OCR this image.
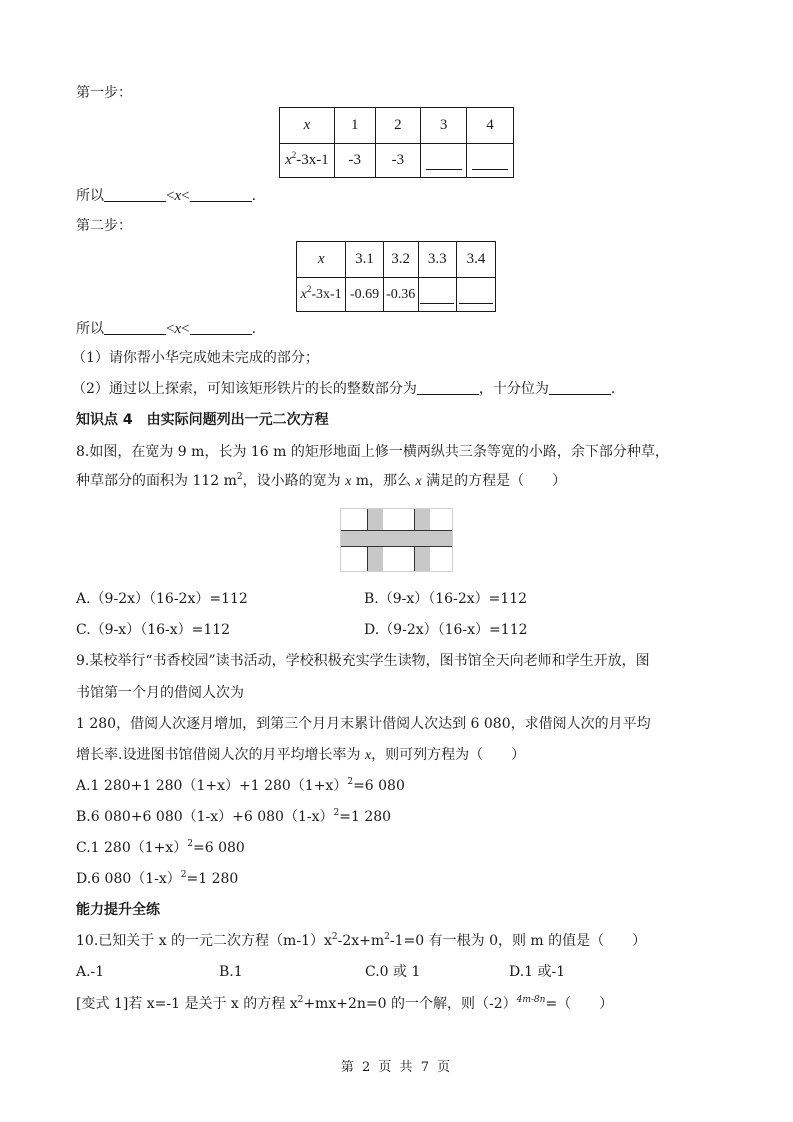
第一步：
x	1	2	3	4
$x^2-3x-1$	-3	-3		
所以	<x<	.
第二步：
x	3.1	3.2	3.3	3.4
$x^2-3x-1$	-0.69	-0.36		
所以	<x<	.
（1）请你帮小华完成她未完成的部分；
（2）通过以上探索，可知该矩形铁片的长的整数部分为	，十分位为	.
知识点 4　由实际问题列出一元二次方程
8.如图，在宽为 9 m，长为 16 m 的矩形地面上修一横两纵共三条等宽的小路，余下部分种草，
种草部分的面积为 112 $m^2$，设小路的宽为 x m，那么 x 满足的方程是（　　）
A.（9-2x）（16-2x）=112	B.（9-x）（16-2x）=112
C.（9-x）（16-x）=112	D.（9-2x）（16-x）=112
9.某校举行“书香校园”读书活动，学校积极充实学生读物，图书馆全天向老师和学生开放，图
书馆第一个月的借阅人次为
1 280，借阅人次逐月增加，到第三个月月末累计借阅人次达到 6 080，求借阅人次的月平均
增长率.设进图书馆借阅人次的月平均增长率为 x，则可列方程为（　　）
A.1 280+1 280（1+x）+1 $280(1+x)^2=6$ 080
B.6 080+6 080（1-x）+6 $080(1-x)^2=1$ 280
C.1 $280(1+x)^2=6$ 080
D.6 $080(1-x)^2=1$ 280
能力提升全练
10.已知关于 x 的一元二次方程$(m-1)x^2-2x+m^2-1=0$ 有一根为 0，则 m 的值是（　　）
A.-1	B.1	C.0 或 1	D.1 或-1
[变式 1]若 x=-1 是关于 x 的方程 $x^2+mx+2n=0$ 的一个解，则$(-2)^{4m-8n}=$（　　）
第 2 页 共 7 页
